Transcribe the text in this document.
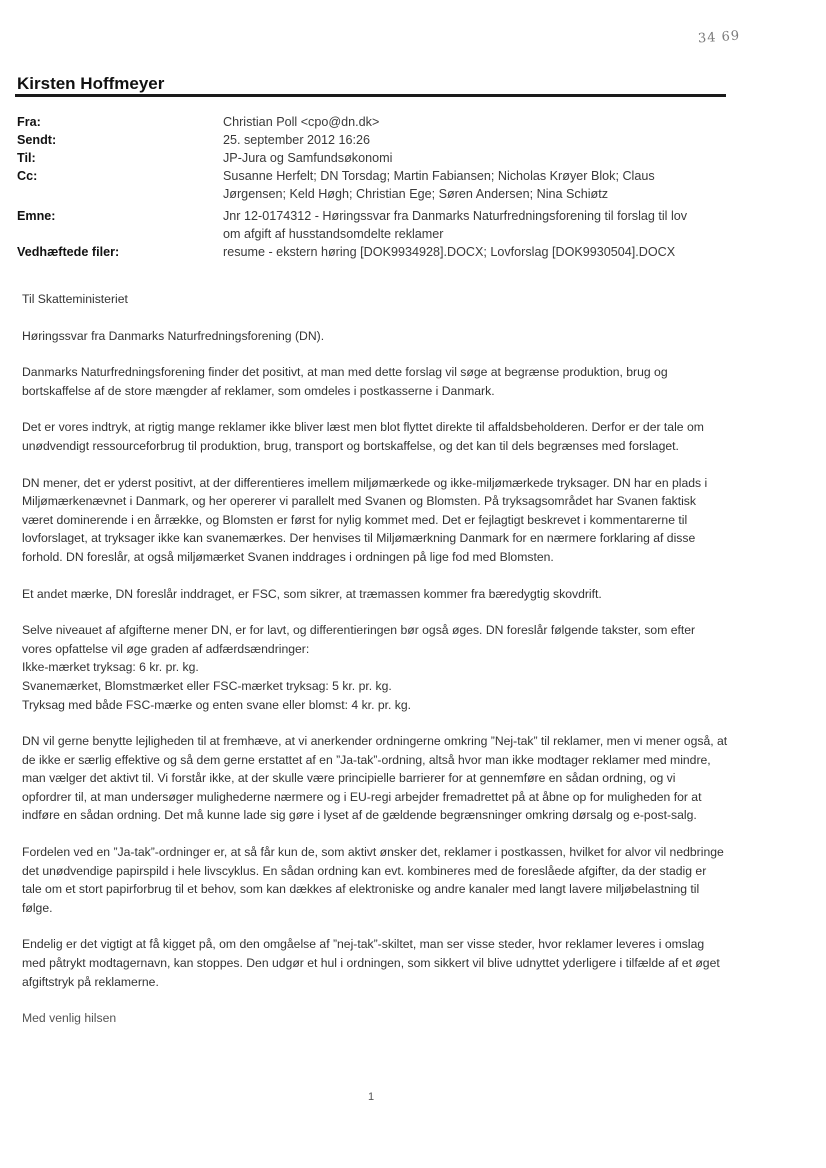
34 69
Kirsten Hoffmeyer
Fra:	Christian Poll <cpo@dn.dk>
Sendt:	25. september 2012 16:26
Til:	JP-Jura og Samfundsøkonomi
Cc:	Susanne Herfelt; DN Torsdag; Martin Fabiansen; Nicholas Krøyer Blok; Claus
Jørgensen; Keld Høgh; Christian Ege; Søren Andersen; Nina Schiøtz
Emne:	Jnr 12-0174312 - Høringssvar fra Danmarks Naturfredningsforening til forslag til lov
om afgift af husstandsomdelte reklamer
Vedhæftede filer:	resume - ekstern høring [DOK9934928].DOCX; Lovforslag [DOK9930504].DOCX

Til Skatteministeriet

Høringssvar fra Danmarks Naturfredningsforening (DN).

Danmarks Naturfredningsforening finder det positivt, at man med dette forslag vil søge at begrænse produktion, brug og bortskaffelse af de store mængder af reklamer, som omdeles i postkasserne i Danmark.

Det er vores indtryk, at rigtig mange reklamer ikke bliver læst men blot flyttet direkte til affaldsbeholderen. Derfor er der tale om unødvendigt ressourceforbrug til produktion, brug, transport og bortskaffelse, og det kan til dels begrænses med forslaget.

DN mener, det er yderst positivt, at der differentieres imellem miljømærkede og ikke-miljømærkede tryksager. DN har en plads i Miljømærkenævnet i Danmark, og her opererer vi parallelt med Svanen og Blomsten. På tryksagsområdet har Svanen faktisk været dominerende i en årrække, og Blomsten er først for nylig kommet med. Det er fejlagtigt beskrevet i kommentarerne til lovforslaget, at tryksager ikke kan svanemærkes. Der henvises til Miljømærkning Danmark for en nærmere forklaring af disse forhold. DN foreslår, at også miljømærket Svanen inddrages i ordningen på lige fod med Blomsten.

Et andet mærke, DN foreslår inddraget, er FSC, som sikrer, at træmassen kommer fra bæredygtig skovdrift.

Selve niveauet af afgifterne mener DN, er for lavt, og differentieringen bør også øges. DN foreslår følgende takster, som efter vores opfattelse vil øge graden af adfærdsændringer:
Ikke-mærket tryksag: 6 kr. pr. kg.
Svanemærket, Blomstmærket eller FSC-mærket tryksag: 5 kr. pr. kg.
Tryksag med både FSC-mærke og enten svane eller blomst: 4 kr. pr. kg.

DN vil gerne benytte lejligheden til at fremhæve, at vi anerkender ordningerne omkring ”Nej-tak” til reklamer, men vi mener også, at de ikke er særlig effektive og så dem gerne erstattet af en ”Ja-tak”-ordning, altså hvor man ikke modtager reklamer med mindre, man vælger det aktivt til. Vi forstår ikke, at der skulle være principielle barrierer for at gennemføre en sådan ordning, og vi opfordrer til, at man undersøger mulighederne nærmere og i EU-regi arbejder fremadrettet på at åbne op for muligheden for at indføre en sådan ordning. Det må kunne lade sig gøre i lyset af de gældende begrænsninger omkring dørsalg og e-post-salg.

Fordelen ved en ”Ja-tak”-ordninger er, at så får kun de, som aktivt ønsker det, reklamer i postkassen, hvilket for alvor vil nedbringe det unødvendige papirspild i hele livscyklus. En sådan ordning kan evt. kombineres med de foreslåede afgifter, da der stadig er tale om et stort papirforbrug til et behov, som kan dækkes af elektroniske og andre kanaler med langt lavere miljøbelastning til følge.

Endelig er det vigtigt at få kigget på, om den omgåelse af ”nej-tak”-skiltet, man ser visse steder, hvor reklamer leveres i omslag med påtrykt modtagernavn, kan stoppes. Den udgør et hul i ordningen, som sikkert vil blive udnyttet yderligere i tilfælde af et øget afgiftstryk på reklamerne.

Med venlig hilsen

1
